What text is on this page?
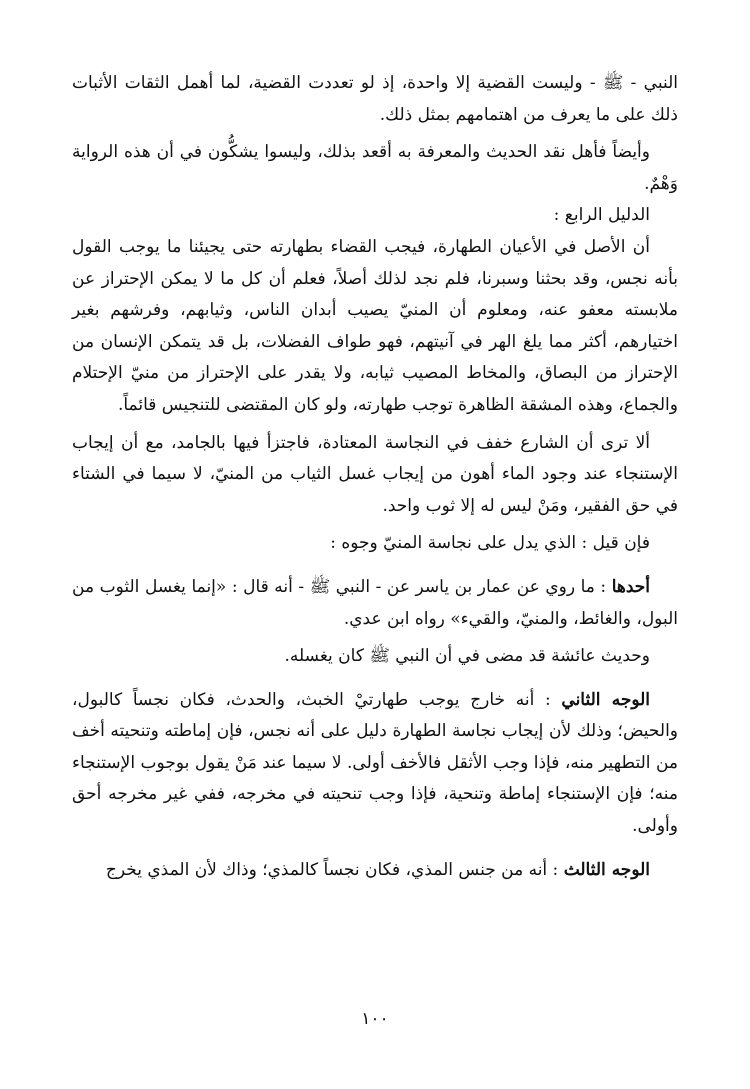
النبي - ﷺ - وليست القضية إلا واحدة، إذ لو تعددت القضية، لما أهمل الثقات الأثبات ذلك على ما يعرف من اهتمامهم بمثل ذلك.

وأيضاً فأهل نقد الحديث والمعرفة به أقعد بذلك، وليسوا يشكُّون في أن هذه الرواية وَهْمٌ.

الدليل الرابع :

أن الأصل في الأعيان الطهارة، فيجب القضاء بطهارته حتى يجيئنا ما يوجب القول بأنه نجس، وقد بحثنا وسبرنا، فلم نجد لذلك أصلاً، فعلم أن كل ما لا يمكن الإحتراز عن ملابسته معفو عنه، ومعلوم أن المنيّ يصيب أبدان الناس، وثيابهم، وفرشهم بغير اختيارهم، أكثر مما يلغ الهر في آنيتهم، فهو طواف الفضلات، بل قد يتمكن الإنسان من الإحتراز من البصاق، والمخاط المصيب ثيابه، ولا يقدر على الإحتراز من منيّ الإحتلام والجماع، وهذه المشقة الظاهرة توجب طهارته، ولو كان المقتضى للتنجيس قائماً.

ألا ترى أن الشارع خفف في النجاسة المعتادة، فاجتزأ فيها بالجامد، مع أن إيجاب الإستنجاء عند وجود الماء أهون من إيجاب غسل الثياب من المنيّ، لا سيما في الشتاء في حق الفقير، ومَنْ ليس له إلا ثوب واحد.

فإن قيل : الذي يدل على نجاسة المنيّ وجوه :

أحدها : ما روي عن عمار بن ياسر عن - النبي ﷺ - أنه قال : «إنما يغسل الثوب من البول، والغائط، والمنيّ، والقيء» رواه ابن عدي.

وحديث عائشة قد مضى في أن النبي ﷺ كان يغسله.

الوجه الثاني : أنه خارج يوجب طهارتيْ الخبث، والحدث، فكان نجساً كالبول، والحيض؛ وذلك لأن إيجاب نجاسة الطهارة دليل على أنه نجس، فإن إماطته وتنحيته أخف من التطهير منه، فإذا وجب الأثقل فالأخف أولى. لا سيما عند مَنْ يقول بوجوب الإستنجاء منه؛ فإن الإستنجاء إماطة وتنحية، فإذا وجب تنحيته في مخرجه، ففي غير مخرجه أحق وأولى.

الوجه الثالث : أنه من جنس المذي، فكان نجساً كالمذي؛ وذاك لأن المذي يخرج

١٠٠
